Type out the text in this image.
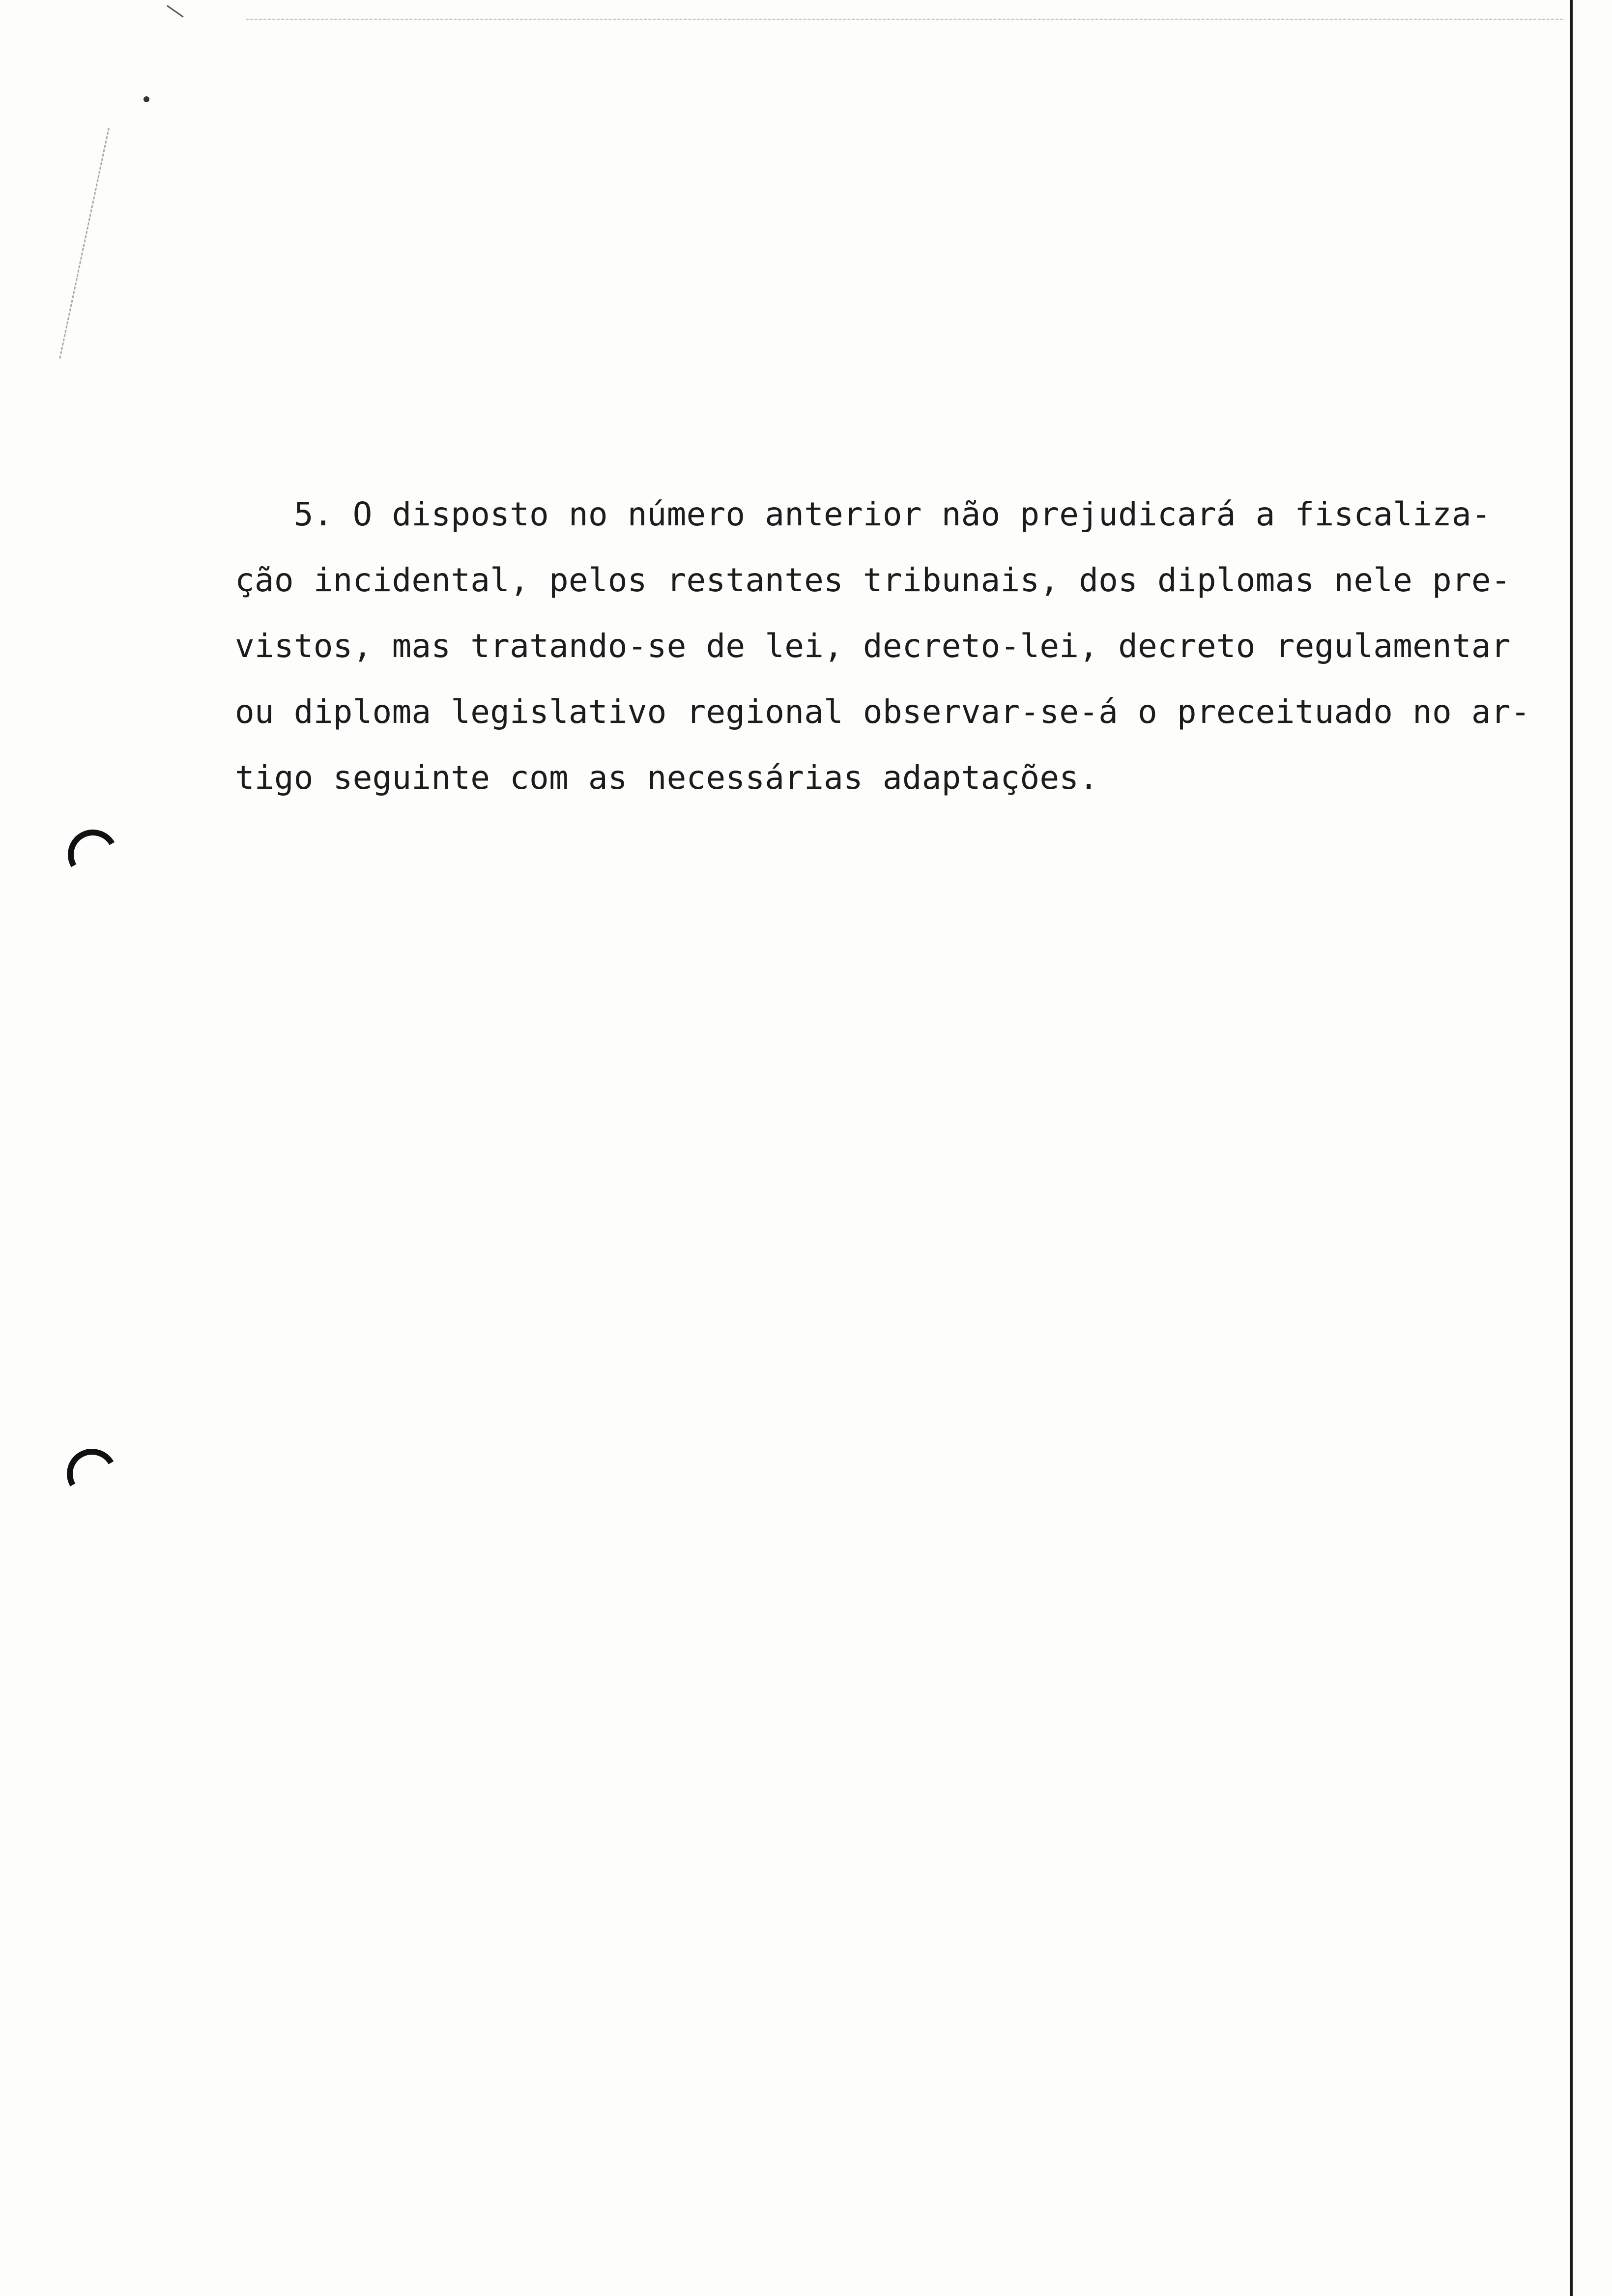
5. O disposto no número anterior não prejudicará a fiscaliza-
ção incidental, pelos restantes tribunais, dos diplomas nele pre-
vistos, mas tratando-se de lei, decreto-lei, decreto regulamentar
ou diploma legislativo regional observar-se-á o preceituado no ar-
tigo seguinte com as necessárias adaptações.
